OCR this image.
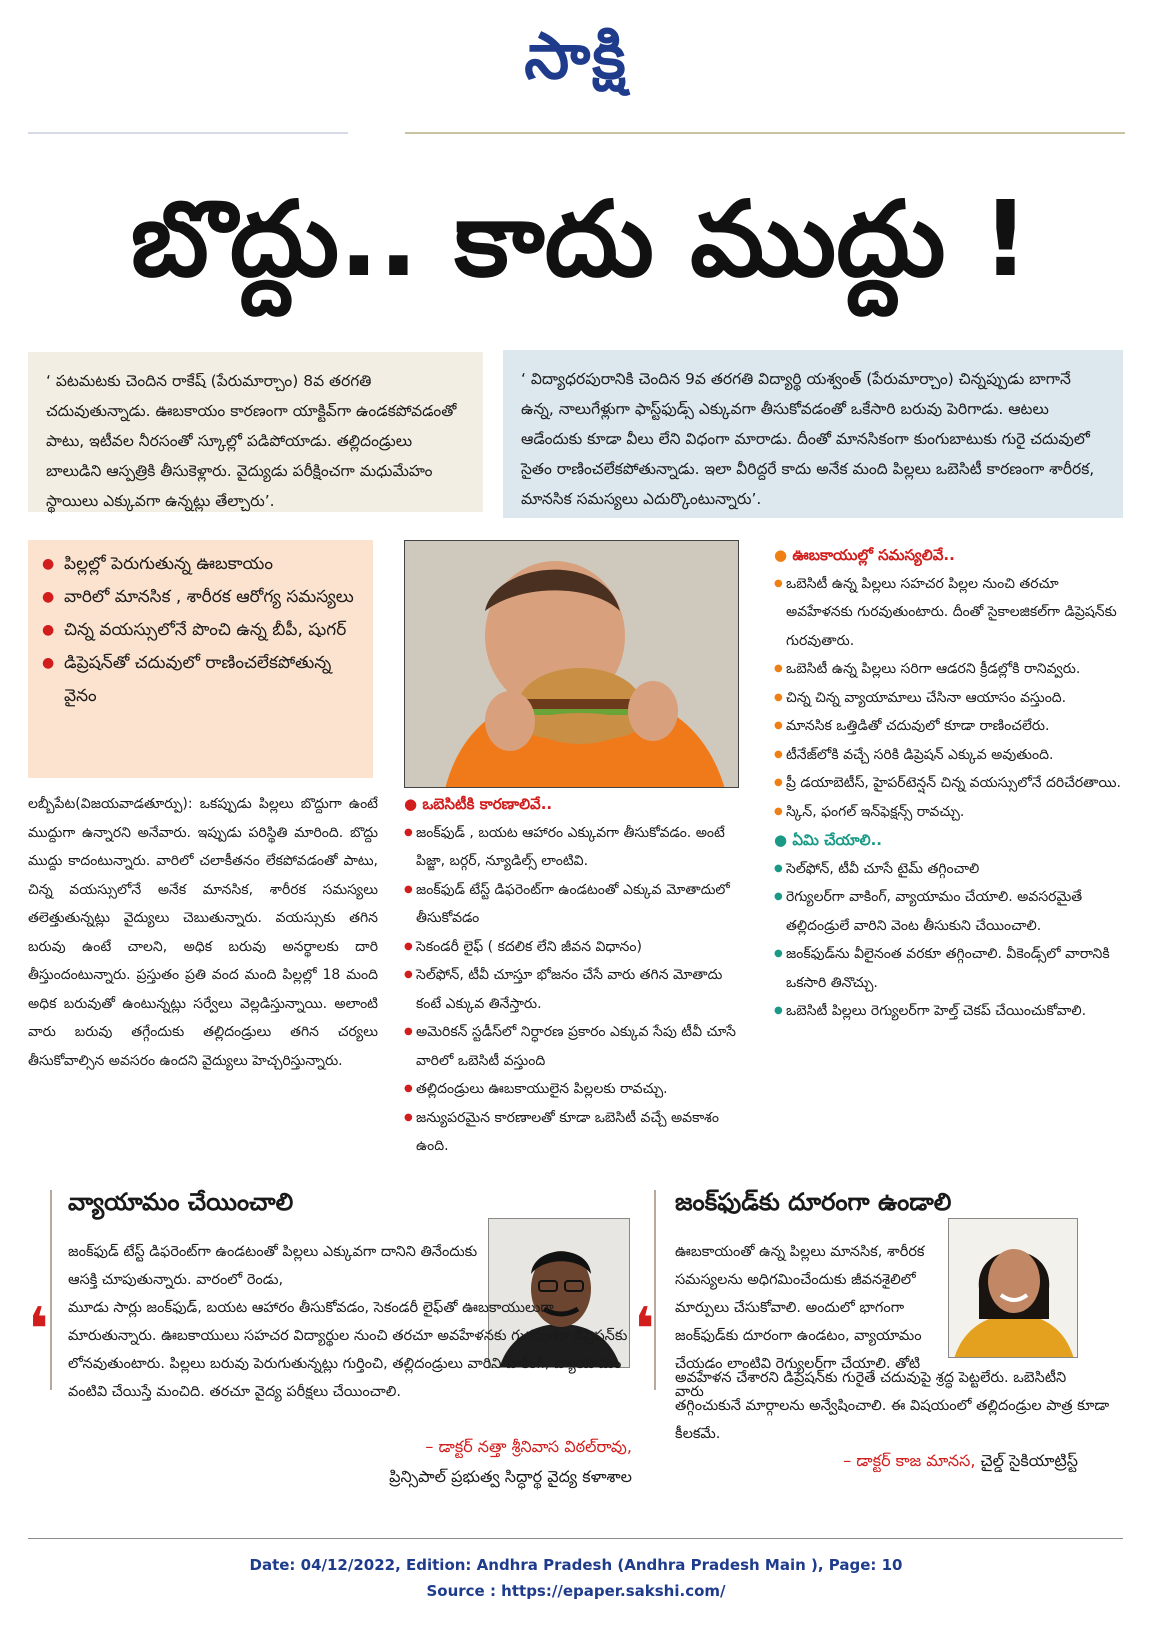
సాక్షి
బొద్దు.. కాదు ముద్దు !
‘ పటమటకు చెందిన రాకేష్ (పేరుమార్చాం) 8వ తరగతి చదువుతున్నాడు. ఊబకాయం కారణంగా యాక్టివ్‌గా ఉండకపోవడంతో పాటు, ఇటీవల నీరసంతో స్కూల్లో పడిపోయాడు. తల్లిదండ్రులు బాలుడిని ఆస్పత్రికి తీసుకెళ్లారు. వైద్యుడు పరీక్షించగా మధుమేహం స్థాయిలు ఎక్కువగా ఉన్నట్లు తేల్చారు’.
‘ విద్యాధరపురానికి చెందిన 9వ తరగతి విద్యార్థి యశ్వంత్ (పేరుమార్చాం) చిన్నప్పుడు బాగానే ఉన్న, నాలుగేళ్లుగా ఫాస్ట్‌ఫుడ్స్ ఎక్కువగా తీసుకోవడంతో ఒకేసారి బరువు పెరిగాడు. ఆటలు ఆడేందుకు కూడా వీలు లేని విధంగా మారాడు. దీంతో మానసికంగా కుంగుబాటుకు గురై చదువులో సైతం రాణించలేకపోతున్నాడు. ఇలా వీరిద్దరే కాదు అనేక మంది పిల్లలు ఒబెసిటీ కారణంగా శారీరక, మానసిక సమస్యలు ఎదుర్కొంటున్నారు’.
● పిల్లల్లో పెరుగుతున్న ఊబకాయం
● వారిలో మానసిక , శారీరక ఆరోగ్య సమస్యలు
● చిన్న వయస్సులోనే పొంచి ఉన్న బీపీ, షుగర్
● డిప్రెషన్‌తో చదువులో రాణించలేకపోతున్న వైనం
లబ్బీపేట(విజయవాడతూర్పు): ఒకప్పుడు పిల్లలు బొద్దుగా ఉంటే ముద్దుగా ఉన్నారని అనేవారు. ఇప్పుడు పరిస్థితి మారింది. బొద్దు ముద్దు కాదంటున్నారు. వారిలో చలాకీతనం లేకపోవడంతో పాటు, చిన్న వయస్సులోనే అనేక మానసిక, శారీరక సమస్యలు తలెత్తుతున్నట్లు వైద్యులు చెబుతున్నారు. వయస్సుకు తగిన బరువు ఉంటే చాలని, అధిక బరువు అనర్థాలకు దారి తీస్తుందంటున్నారు. ప్రస్తుతం ప్రతి వంద మంది పిల్లల్లో 18 మంది అధిక బరువుతో ఉంటున్నట్లు సర్వేలు వెల్లడిస్తున్నాయి. అలాంటి వారు బరువు తగ్గేందుకు తల్లిదండ్రులు తగిన చర్యలు తీసుకోవాల్సిన అవసరం ఉందని వైద్యులు హెచ్చరిస్తున్నారు.
● ఒబెసిటీకి కారణాలివే..
● జంక్‌ఫుడ్ , బయట ఆహారం ఎక్కువగా తీసుకోవడం. అంటే పిజ్జా, బర్గర్, న్యూడిల్స్ లాంటివి.
● జంక్‌ఫుడ్ టేస్ట్ డిఫరెంట్‌గా ఉండటంతో ఎక్కువ మోతాదులో తీసుకోవడం
● సెకండరీ లైఫ్ ( కదలిక లేని జీవన విధానం)
● సెల్‌ఫోన్, టీవీ చూస్తూ భోజనం చేసే వారు తగిన మోతాదు కంటే ఎక్కువ తినేస్తారు.
● అమెరికన్ స్టడీస్‌లో నిర్ధారణ ప్రకారం ఎక్కువ సేపు టీవీ చూసే వారిలో ఒబెసిటీ వస్తుంది
● తల్లిదండ్రులు ఊబకాయులైన పిల్లలకు రావచ్చు.
● జన్యుపరమైన కారణాలతో కూడా ఒబెసిటీ వచ్చే అవకాశం ఉంది.
● ఊబకాయుల్లో సమస్యలివే..
● ఒబెసిటీ ఉన్న పిల్లలు సహచర పిల్లల నుంచి తరచూ అవహేళనకు గురవుతుంటారు. దీంతో సైకాలజికల్‌గా డిప్రెషన్‌కు గురవుతారు.
● ఒబెసిటీ ఉన్న పిల్లలు సరిగా ఆడరని క్రీడల్లోకి రానివ్వరు.
● చిన్న చిన్న వ్యాయామాలు చేసినా ఆయాసం వస్తుంది.
● మానసిక ఒత్తిడితో చదువులో కూడా రాణించలేరు.
● టీనేజ్‌లోకి వచ్చే సరికి డిప్రెషన్ ఎక్కువ అవుతుంది.
● ప్రీ డయాబెటీస్, హైపర్‌టెన్షన్ చిన్న వయస్సులోనే దరిచేరతాయి.
● స్కిన్, ఫంగల్ ఇన్‌ఫెక్షన్స్ రావచ్చు.
● ఏమి చేయాలి..
● సెల్‌ఫోన్, టీవీ చూసే టైమ్ తగ్గించాలి
● రెగ్యులర్‌గా వాకింగ్, వ్యాయామం చేయాలి. అవసరమైతే తల్లిదండ్రులే వారిని వెంట తీసుకుని చేయించాలి.
● జంక్‌ఫుడ్‌ను వీలైనంత వరకూ తగ్గించాలి. వీకెండ్స్‌లో వారానికి ఒకసారి తినొచ్చు.
● ఒబెసిటీ పిల్లలు రెగ్యులర్‌గా హెల్త్ చెకప్ చేయించుకోవాలి.
వ్యాయామం చేయించాలి
జంక్‌ఫుడ్ టేస్ట్ డిఫరెంట్‌గా ఉండటంతో పిల్లలు ఎక్కువగా దానిని తినేందుకు ఆసక్తి చూపుతున్నారు. వారంలో రెండు,
మూడు సార్లు జంక్‌ఫుడ్, బయట ఆహారం తీసుకోవడం, సెకండరీ లైఫ్‌తో ఊబకాయులుగా మారుతున్నారు. ఊబకాయులు సహచర విద్యార్థుల నుంచి తరచూ అవహేళనకు గురవుతూ డిప్రెషన్‌కు లోనవుతుంటారు. పిల్లలు బరువు పెరుగుతున్నట్లు గుర్తించి, తల్లిదండ్రులు వారిని వాకింగ్, వ్యాయామం వంటివి చేయిస్తే మంచిది. తరచూ వైద్య పరీక్షలు చేయించాలి.
❛
– డాక్టర్ నత్తా శ్రీనివాస విఠల్‌రావు,
ప్రిన్సిపాల్ ప్రభుత్వ సిద్ధార్థ వైద్య కళాశాల
జంక్‌ఫుడ్‌కు దూరంగా ఉండాలి
ఊబకాయంతో ఉన్న పిల్లలు మానసిక, శారీరక సమస్యలను అధిగమించేందుకు జీవనశైలిలో మార్పులు చేసుకోవాలి. అందులో భాగంగా జంక్‌ఫుడ్‌కు దూరంగా ఉండటం, వ్యాయామం చేయడం లాంటివి రెగ్యులర్‌గా చేయాలి. తోటి వారు
అవహేళన చేశారని డిప్రెషన్‌కు గురైతే చదువుపై శ్రద్ధ పెట్టలేరు. ఒబెసిటీని తగ్గించుకునే మార్గాలను అన్వేషించాలి. ఈ విషయంలో తల్లిదండ్రుల పాత్ర కూడా కీలకమే.
❛
– డాక్టర్ కాజ మానస, చైల్డ్ సైకియాట్రిస్ట్
Date: 04/12/2022, Edition: Andhra Pradesh (Andhra Pradesh Main ), Page: 10
Source : https://epaper.sakshi.com/
